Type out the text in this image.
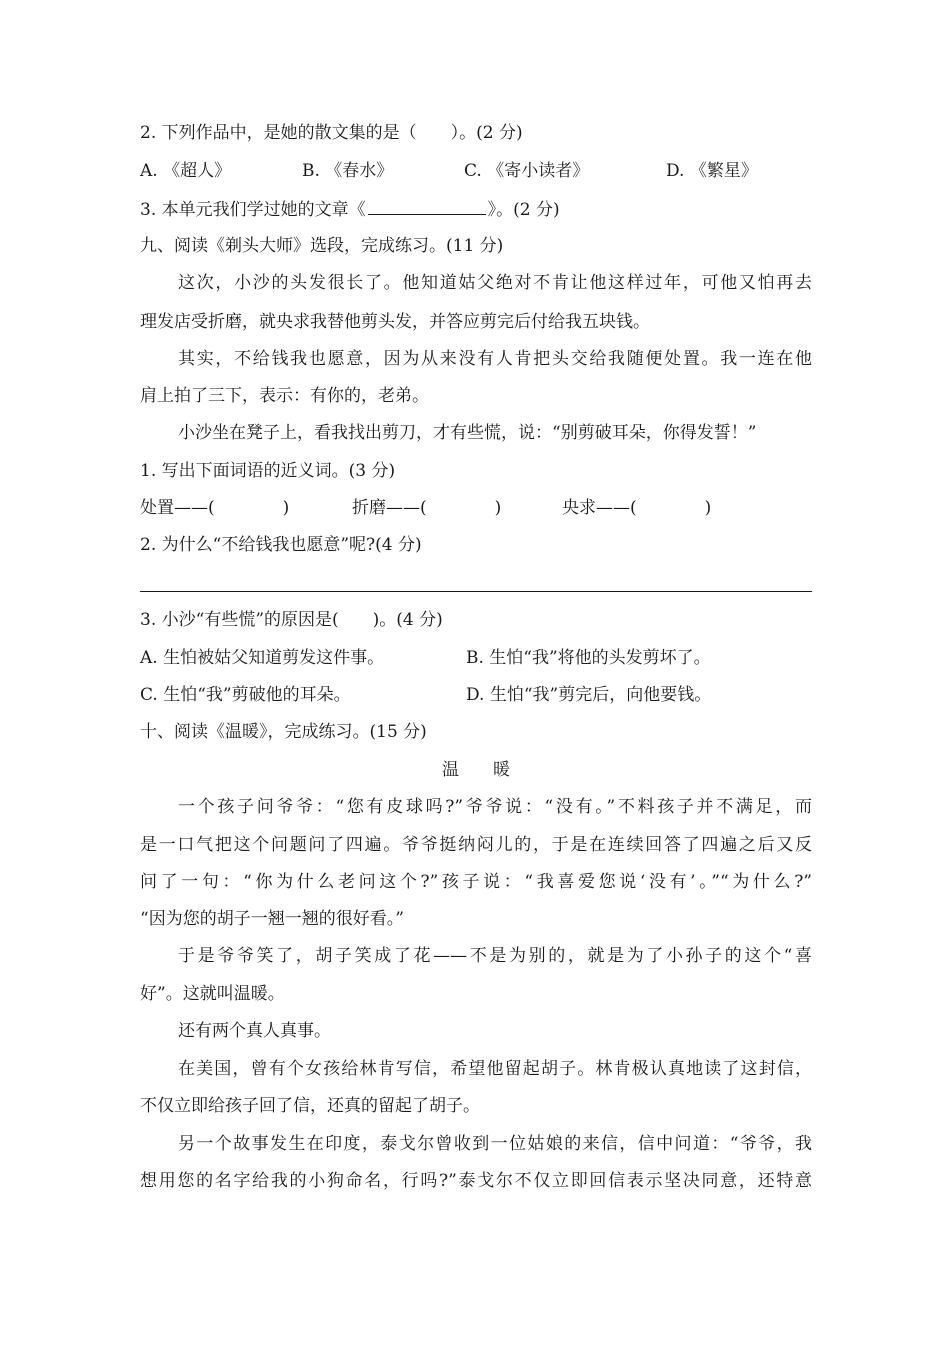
2. 下列作品中，是她的散文集的是（　　）。(2 分)
A. 《超人》	B. 《春水》	C. 《寄小读者》	D. 《繁星》
3. 本单元我们学过她的文章《	》。(2 分)
九、阅读《剃头大师》选段，完成练习。(11 分)
这次，小沙的头发很长了。他知道姑父绝对不肯让他这样过年，可他又怕再去
理发店受折磨，就央求我替他剪头发，并答应剪完后付给我五块钱。
其实，不给钱我也愿意，因为从来没有人肯把头交给我随便处置。我一连在他
肩上拍了三下，表示：有你的，老弟。
小沙坐在凳子上，看我找出剪刀，才有些慌，说：“别剪破耳朵，你得发誓！”
1. 写出下面词语的近义词。(3 分)
处置——(　　　　)	折磨——(　　　　)	央求——(　　　　)
2. 为什么“不给钱我也愿意”呢?(4 分)
3. 小沙“有些慌”的原因是(　　)。(4 分)
A. 生怕被姑父知道剪发这件事。	B. 生怕“我”将他的头发剪坏了。
C. 生怕“我”剪破他的耳朵。	D. 生怕“我”剪完后，向他要钱。
十、阅读《温暖》，完成练习。(15 分)
温暖
一个孩子问爷爷：“您有皮球吗?”爷爷说：“没有。”不料孩子并不满足，而
是一口气把这个问题问了四遍。爷爷挺纳闷儿的，于是在连续回答了四遍之后又反
问了一句：“你为什么老问这个?”孩子说：“我喜爱您说‘没有’。”“为什么?”
“因为您的胡子一翘一翘的很好看。”
于是爷爷笑了，胡子笑成了花——不是为别的，就是为了小孙子的这个“喜
好”。这就叫温暖。
还有两个真人真事。
在美国，曾有个女孩给林肯写信，希望他留起胡子。林肯极认真地读了这封信，
不仅立即给孩子回了信，还真的留起了胡子。
另一个故事发生在印度，泰戈尔曾收到一位姑娘的来信，信中问道：“爷爷，我
想用您的名字给我的小狗命名，行吗?”泰戈尔不仅立即回信表示坚决同意，还特意
